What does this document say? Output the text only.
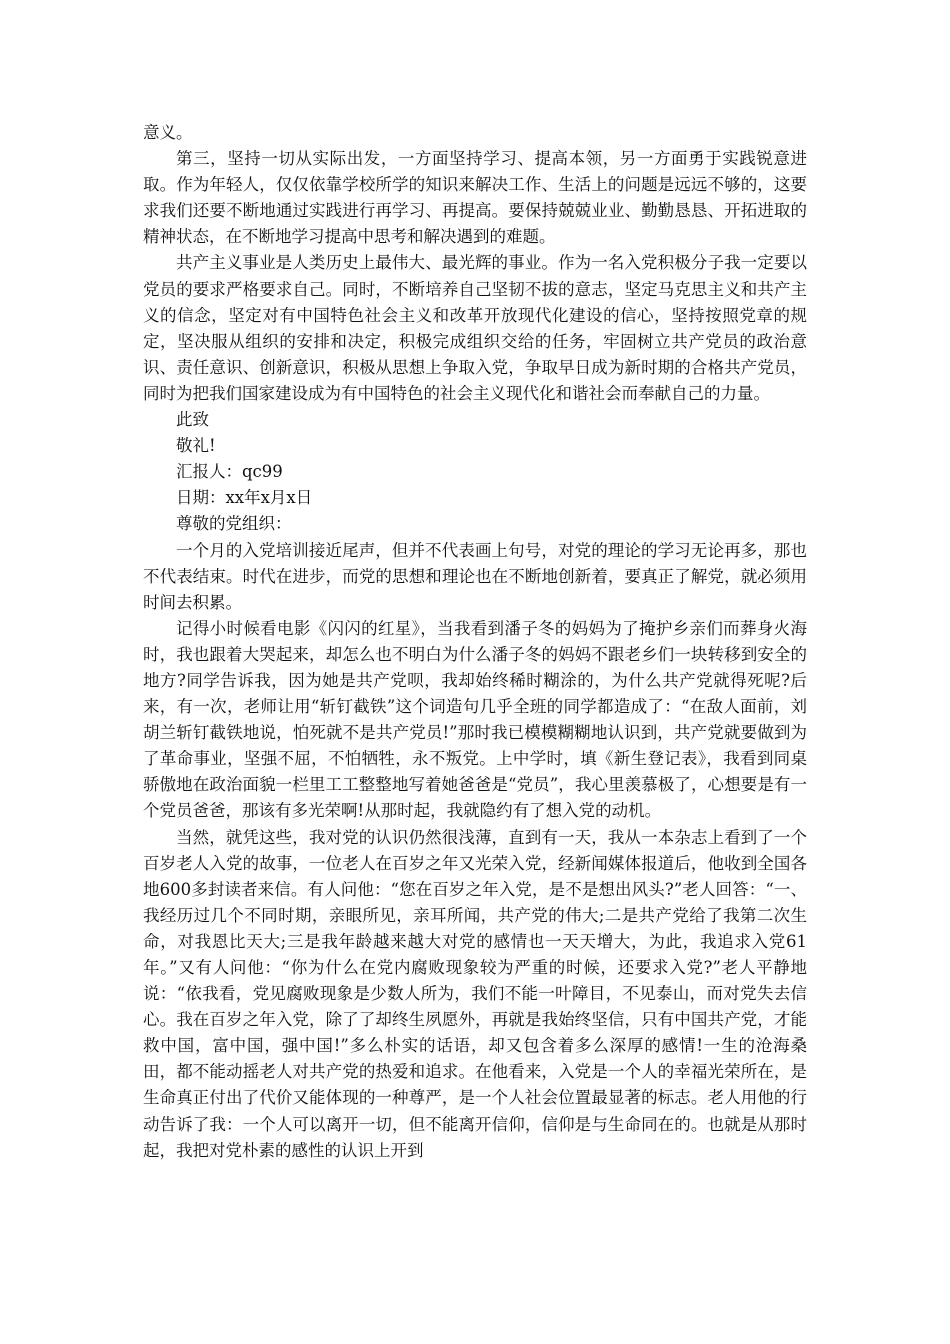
意义。

第三，坚持一切从实际出发，一方面坚持学习、提高本领，另一方面勇于实践锐意进取。作为年轻人，仅仅依靠学校所学的知识来解决工作、生活上的问题是远远不够的，这要求我们还要不断地通过实践进行再学习、再提高。要保持兢兢业业、勤勤恳恳、开拓进取的精神状态，在不断地学习提高中思考和解决遇到的难题。

共产主义事业是人类历史上最伟大、最光辉的事业。作为一名入党积极分子我一定要以党员的要求严格要求自己。同时，不断培养自己坚韧不拔的意志，坚定马克思主义和共产主义的信念，坚定对有中国特色社会主义和改革开放现代化建设的信心，坚持按照党章的规定，坚决服从组织的安排和决定，积极完成组织交给的任务，牢固树立共产党员的政治意识、责任意识、创新意识，积极从思想上争取入党，争取早日成为新时期的合格共产党员，同时为把我们国家建设成为有中国特色的社会主义现代化和谐社会而奉献自己的力量。

此致

敬礼!

汇报人：qc99

日期：xx年x月x日

尊敬的党组织：

一个月的入党培训接近尾声，但并不代表画上句号，对党的理论的学习无论再多，那也不代表结束。时代在进步，而党的思想和理论也在不断地创新着，要真正了解党，就必须用时间去积累。

记得小时候看电影《闪闪的红星》，当我看到潘子冬的妈妈为了掩护乡亲们而葬身火海时，我也跟着大哭起来，却怎么也不明白为什么潘子冬的妈妈不跟老乡们一块转移到安全的地方?同学告诉我，因为她是共产党呗，我却始终稀时糊涂的，为什么共产党就得死呢?后来，有一次，老师让用“斩钉截铁”这个词造句几乎全班的同学都造成了：“在敌人面前，刘胡兰斩钉截铁地说，怕死就不是共产党员!”那时我已模模糊糊地认识到，共产党就要做到为了革命事业，坚强不屈，不怕牺牲，永不叛党。上中学时，填《新生登记表》，我看到同桌骄傲地在政治面貌一栏里工工整整地写着她爸爸是“党员”，我心里羡慕极了，心想要是有一个党员爸爸，那该有多光荣啊!从那时起，我就隐约有了想入党的动机。

当然，就凭这些，我对党的认识仍然很浅薄，直到有一天，我从一本杂志上看到了一个百岁老人入党的故事，一位老人在百岁之年又光荣入党，经新闻媒体报道后，他收到全国各地600多封读者来信。有人问他：“您在百岁之年入党，是不是想出风头?”老人回答：“一、我经历过几个不同时期，亲眼所见，亲耳所闻，共产党的伟大;二是共产党给了我第二次生命，对我恩比天大;三是我年龄越来越大对党的感情也一天天增大，为此，我追求入党61年。”又有人问他：“你为什么在党内腐败现象较为严重的时候，还要求入党?”老人平静地说：“依我看，党见腐败现象是少数人所为，我们不能一叶障目，不见泰山，而对党失去信心。我在百岁之年入党，除了了却终生夙愿外，再就是我始终坚信，只有中国共产党，才能救中国，富中国，强中国!”多么朴实的话语，却又包含着多么深厚的感情!一生的沧海桑田，都不能动摇老人对共产党的热爱和追求。在他看来，入党是一个人的幸福光荣所在，是生命真正付出了代价又能体现的一种尊严，是一个人社会位置最显著的标志。老人用他的行动告诉了我：一个人可以离开一切，但不能离开信仰，信仰是与生命同在的。也就是从那时起，我把对党朴素的感性的认识上开到
